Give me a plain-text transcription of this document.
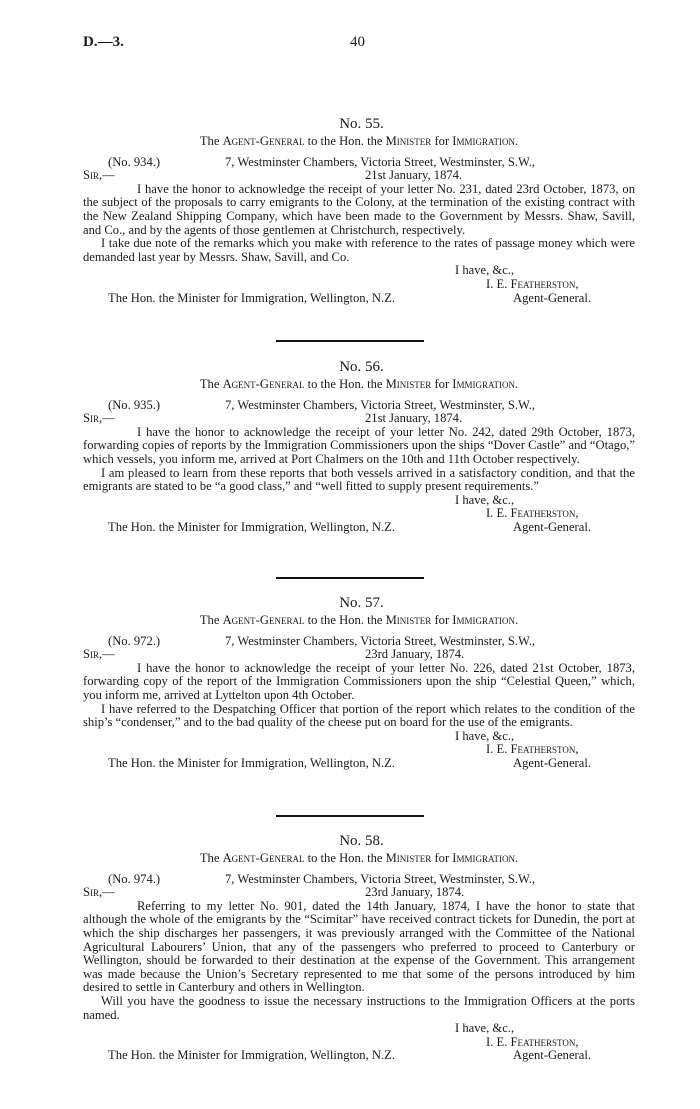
D.—3.	40
No. 55.
The Agent-General to the Hon. the Minister for Immigration.
(No. 934.)	7, Westminster Chambers, Victoria Street, Westminster, S.W.,
Sir,—	21st January, 1874.

I have the honor to acknowledge the receipt of your letter No. 231, dated 23rd October, 1873, on the subject of the proposals to carry emigrants to the Colony, at the termination of the existing contract with the New Zealand Shipping Company, which have been made to the Government by Messrs. Shaw, Savill, and Co., and by the agents of those gentlemen at Christchurch, respectively.

I take due note of the remarks which you make with reference to the rates of passage money which were demanded last year by Messrs. Shaw, Savill, and Co.

I have, &c.,
I. E. Featherston,
The Hon. the Minister for Immigration, Wellington, N.Z.	Agent-General.
No. 56.
The Agent-General to the Hon. the Minister for Immigration.
(No. 935.)	7, Westminster Chambers, Victoria Street, Westminster, S.W.,
Sir,—	21st January, 1874.

I have the honor to acknowledge the receipt of your letter No. 242, dated 29th October, 1873, forwarding copies of reports by the Immigration Commissioners upon the ships “Dover Castle” and “Otago,” which vessels, you inform me, arrived at Port Chalmers on the 10th and 11th October respectively.

I am pleased to learn from these reports that both vessels arrived in a satisfactory condition, and that the emigrants are stated to be “a good class,” and “well fitted to supply present requirements.”

I have, &c.,
I. E. Featherston,
The Hon. the Minister for Immigration, Wellington, N.Z.	Agent-General.
No. 57.
The Agent-General to the Hon. the Minister for Immigration.
(No. 972.)	7, Westminster Chambers, Victoria Street, Westminster, S.W.,
Sir,—	23rd January, 1874.

I have the honor to acknowledge the receipt of your letter No. 226, dated 21st October, 1873, forwarding copy of the report of the Immigration Commissioners upon the ship “Celestial Queen,” which, you inform me, arrived at Lyttelton upon 4th October.

I have referred to the Despatching Officer that portion of the report which relates to the condition of the ship’s “condenser,” and to the bad quality of the cheese put on board for the use of the emigrants.

I have, &c.,
I. E. Featherston,
The Hon. the Minister for Immigration, Wellington, N.Z.	Agent-General.
No. 58.
The Agent-General to the Hon. the Minister for Immigration.
(No. 974.)	7, Westminster Chambers, Victoria Street, Westminster, S.W.,
Sir,—	23rd January, 1874.

Referring to my letter No. 901, dated the 14th January, 1874, I have the honor to state that although the whole of the emigrants by the “Scimitar” have received contract tickets for Dunedin, the port at which the ship discharges her passengers, it was previously arranged with the Committee of the National Agricultural Labourers’ Union, that any of the passengers who preferred to proceed to Canterbury or Wellington, should be forwarded to their destination at the expense of the Government. This arrangement was made because the Union’s Secretary represented to me that some of the persons introduced by him desired to settle in Canterbury and others in Wellington.

Will you have the goodness to issue the necessary instructions to the Immigration Officers at the ports named.

I have, &c.,
I. E. Featherston,
The Hon. the Minister for Immigration, Wellington, N.Z.	Agent-General.
